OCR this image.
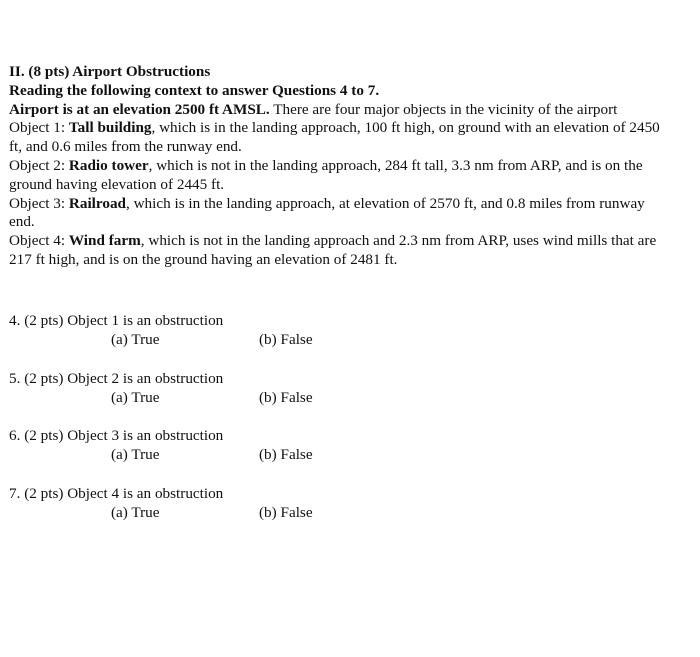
II. (8 pts) Airport Obstructions

Reading the following context to answer Questions 4 to 7.

Airport is at an elevation 2500 ft AMSL. There are four major objects in the vicinity of the airport

Object 1: Tall building, which is in the landing approach, 100 ft high, on ground with an elevation of 2450 ft, and 0.6 miles from the runway end.

Object 2: Radio tower, which is not in the landing approach, 284 ft tall, 3.3 nm from ARP, and is on the ground having elevation of 2445 ft.

Object 3: Railroad, which is in the landing approach, at elevation of 2570 ft, and 0.8 miles from runway end.

Object 4: Wind farm, which is not in the landing approach and 2.3 nm from ARP, uses wind mills that are 217 ft high, and is on the ground having an elevation of 2481 ft.

4. (2 pts) Object 1 is an obstruction
(a) True	(b) False
5. (2 pts) Object 2 is an obstruction
(a) True	(b) False
6. (2 pts) Object 3 is an obstruction
(a) True	(b) False
7. (2 pts) Object 4 is an obstruction
(a) True	(b) False
